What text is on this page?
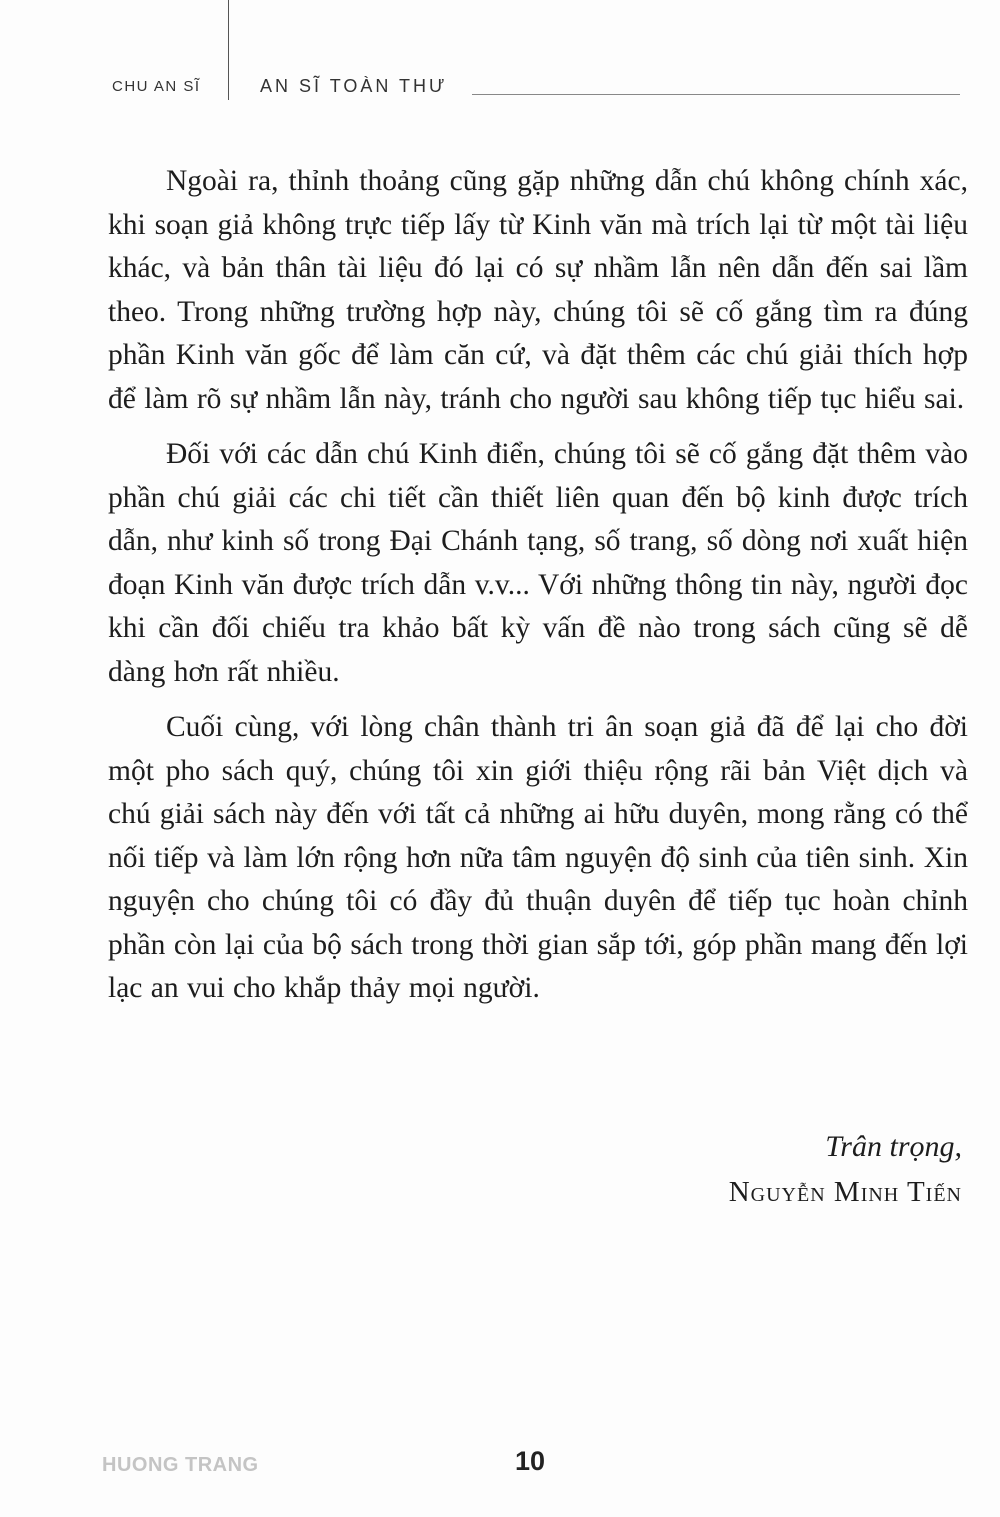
CHU AN SĨ	AN SĨ TOÀN THƯ

Ngoài ra, thỉnh thoảng cũng gặp những dẫn chú không chính xác, khi soạn giả không trực tiếp lấy từ Kinh văn mà trích lại từ một tài liệu khác, và bản thân tài liệu đó lại có sự nhầm lẫn nên dẫn đến sai lầm theo. Trong những trường hợp này, chúng tôi sẽ cố gắng tìm ra đúng phần Kinh văn gốc để làm căn cứ, và đặt thêm các chú giải thích hợp để làm rõ sự nhầm lẫn này, tránh cho người sau không tiếp tục hiểu sai.

Đối với các dẫn chú Kinh điển, chúng tôi sẽ cố gắng đặt thêm vào phần chú giải các chi tiết cần thiết liên quan đến bộ kinh được trích dẫn, như kinh số trong Đại Chánh tạng, số trang, số dòng nơi xuất hiện đoạn Kinh văn được trích dẫn v.v... Với những thông tin này, người đọc khi cần đối chiếu tra khảo bất kỳ vấn đề nào trong sách cũng sẽ dễ dàng hơn rất nhiều.

Cuối cùng, với lòng chân thành tri ân soạn giả đã để lại cho đời một pho sách quý, chúng tôi xin giới thiệu rộng rãi bản Việt dịch và chú giải sách này đến với tất cả những ai hữu duyên, mong rằng có thể nối tiếp và làm lớn rộng hơn nữa tâm nguyện độ sinh của tiên sinh. Xin nguyện cho chúng tôi có đầy đủ thuận duyên để tiếp tục hoàn chỉnh phần còn lại của bộ sách trong thời gian sắp tới, góp phần mang đến lợi lạc an vui cho khắp thảy mọi người.

Trân trọng,
Nguyễn Minh Tiến
HUONG TRANG	10
